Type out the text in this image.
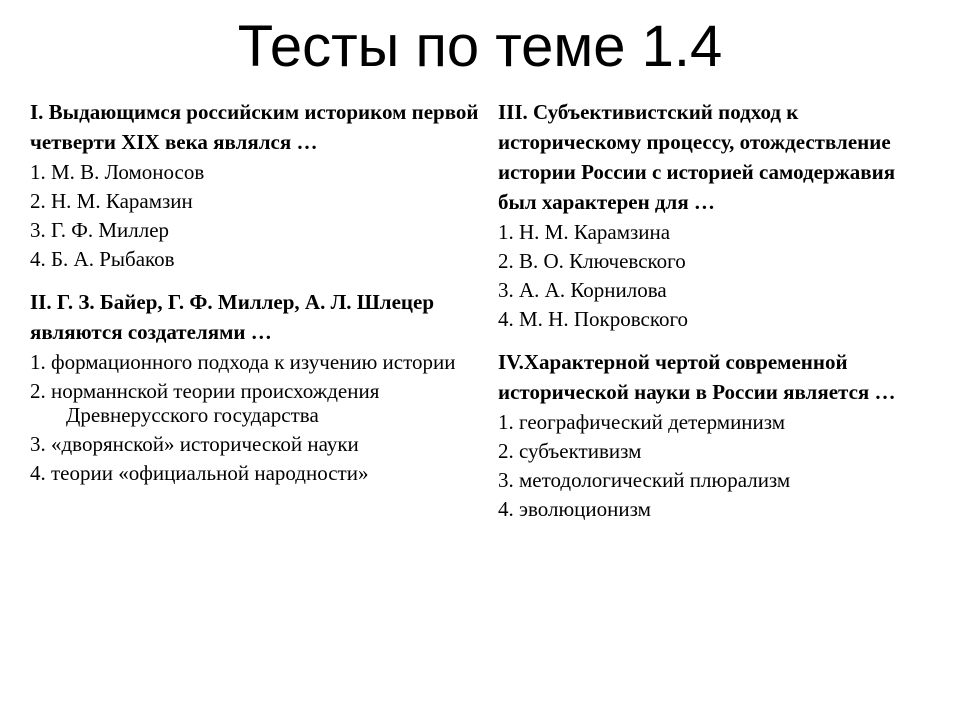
Тесты по теме 1.4

I. Выдающимся российским историком первой четверти XIX века являлся …

1. М. В. Ломоносов
2. Н. М. Карамзин
3. Г. Ф. Миллер
4. Б. А. Рыбаков

II. Г. З. Байер, Г. Ф. Миллер, А. Л. Шлецер являются создателями …

1. формационного подхода к изучению истории
2. норманнской теории происхождения Древнерусского государства
3. «дворянской» исторической науки
4. теории «официальной народности»

III. Субъективистский подход к историческому процессу, отождествление истории России с историей самодержавия был характерен для …

1. Н. М. Карамзина
2. В. О. Ключевского
3. А. А. Корнилова
4. М. Н. Покровского

IV.Характерной чертой современной исторической науки в России является …

1. географический детерминизм
2. субъективизм
3. методологический плюрализм
4. эволюционизм
